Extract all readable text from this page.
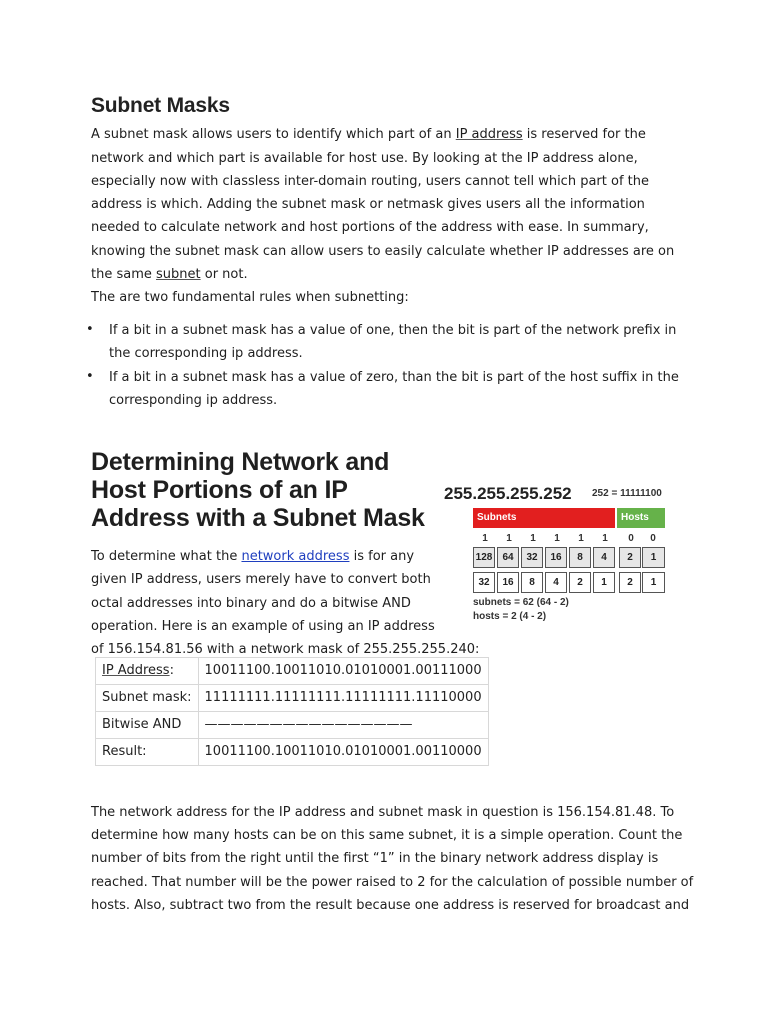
Subnet Masks
A subnet mask allows users to identify which part of an IP address is reserved for the
network and which part is available for host use. By looking at the IP address alone,
especially now with classless inter-domain routing, users cannot tell which part of the
address is which. Adding the subnet mask or netmask gives users all the information
needed to calculate network and host portions of the address with ease. In summary,
knowing the subnet mask can allow users to easily calculate whether IP addresses are on
the same subnet or not.
The are two fundamental rules when subnetting:
• If a bit in a subnet mask has a value of one, then the bit is part of the network prefix in
the corresponding ip address.
• If a bit in a subnet mask has a value of zero, than the bit is part of the host suffix in the
corresponding ip address.
Determining Network and
Host Portions of an IP
Address with a Subnet Mask
To determine what the network address is for any
given IP address, users merely have to convert both
octal addresses into binary and do a bitwise AND
operation. Here is an example of using an IP address
of 156.154.81.56 with a network mask of 255.255.255.240:
IP Address:	10011100.10011010.01010001.00111000
Subnet mask:	11111111.11111111.11111111.11110000
Bitwise AND	————————————————
Result:	10011100.10011010.01010001.00110000
255.255.255.252 252 = 11111100
Subnets	Hosts
1	1	1	1	1	1	0	0
128	64	32	16	8	4	2	1
32	16	8	4	2	1	2	1
subnets = 62 (64 - 2)
hosts = 2 (4 - 2)
The network address for the IP address and subnet mask in question is 156.154.81.48. To
determine how many hosts can be on this same subnet, it is a simple operation. Count the
number of bits from the right until the first “1” in the binary network address display is
reached. That number will be the power raised to 2 for the calculation of possible number of
hosts. Also, subtract two from the result because one address is reserved for broadcast and
